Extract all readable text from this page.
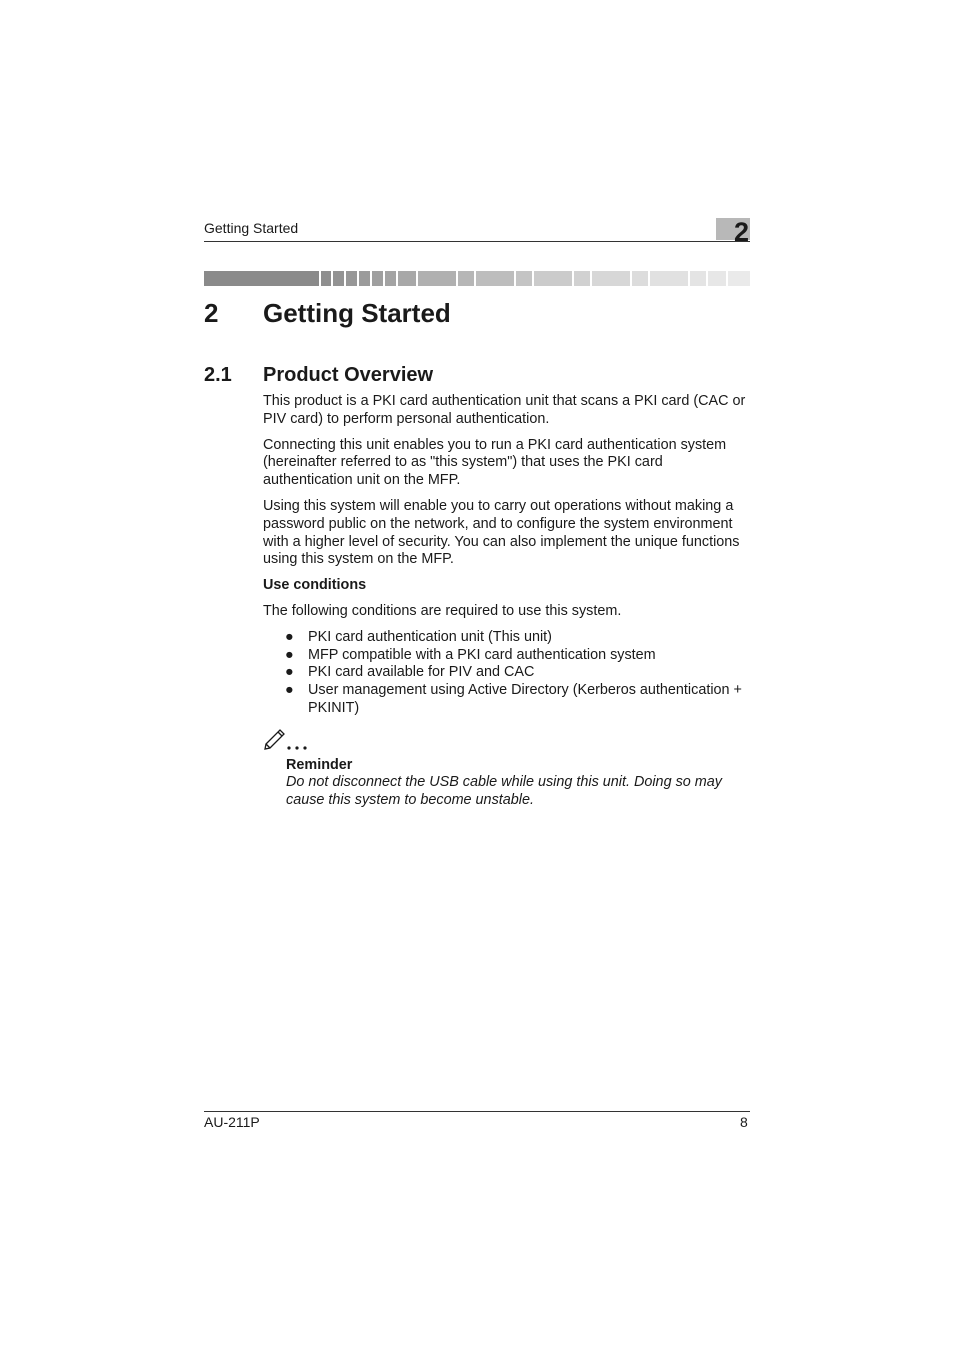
Getting Started	2
2 Getting Started
2.1 Product Overview

This product is a PKI card authentication unit that scans a PKI card (CAC or PIV card) to perform personal authentication.

Connecting this unit enables you to run a PKI card authentication system (hereinafter referred to as "this system") that uses the PKI card authentication unit on the MFP.

Using this system will enable you to carry out operations without making a password public on the network, and to configure the system environment with a higher level of security. You can also implement the unique functions using this system on the MFP.

Use conditions

The following conditions are required to use this system.

● PKI card authentication unit (This unit)
● MFP compatible with a PKI card authentication system
● PKI card available for PIV and CAC
● User management using Active Directory (Kerberos authentication + PKINIT)
Reminder
Do not disconnect the USB cable while using this unit. Doing so may cause this system to become unstable.
AU-211P	8
